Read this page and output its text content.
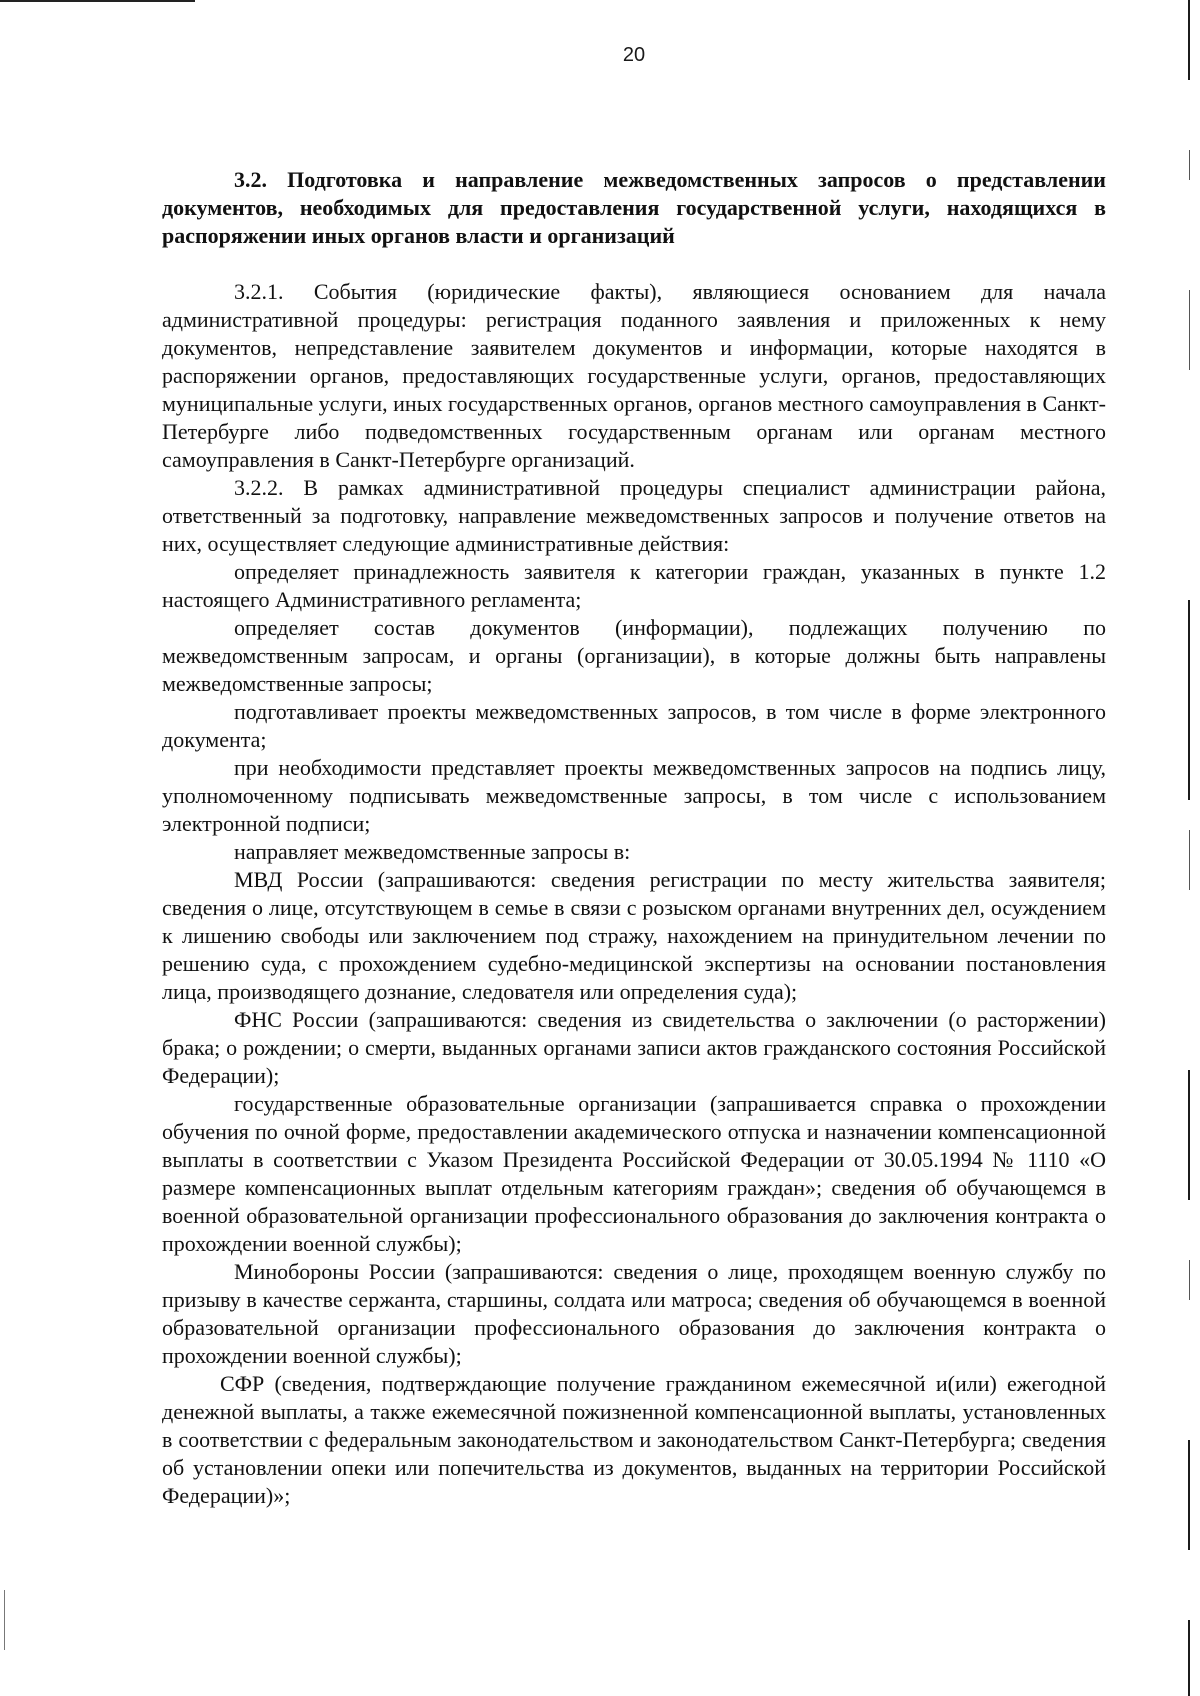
20

3.2. Подготовка и направление межведомственных запросов о представлении документов, необходимых для предоставления государственной услуги, находящихся в распоряжении иных органов власти и организаций

3.2.1. События (юридические факты), являющиеся основанием для начала административной процедуры: регистрация поданного заявления и приложенных к нему документов, непредставление заявителем документов и информации, которые находятся в распоряжении органов, предоставляющих государственные услуги, органов, предоставляющих муниципальные услуги, иных государственных органов, органов местного самоуправления в Санкт-Петербурге либо подведомственных государственным органам или органам местного самоуправления в Санкт-Петербурге организаций.

3.2.2. В рамках административной процедуры специалист администрации района, ответственный за подготовку, направление межведомственных запросов и получение ответов на них, осуществляет следующие административные действия:

определяет принадлежность заявителя к категории граждан, указанных в пункте 1.2 настоящего Административного регламента;

определяет состав документов (информации), подлежащих получению по межведомственным запросам, и органы (организации), в которые должны быть направлены межведомственные запросы;

подготавливает проекты межведомственных запросов, в том числе в форме электронного документа;

при необходимости представляет проекты межведомственных запросов на подпись лицу, уполномоченному подписывать межведомственные запросы, в том числе с использованием электронной подписи;

направляет межведомственные запросы в:

МВД России (запрашиваются: сведения регистрации по месту жительства заявителя; сведения о лице, отсутствующем в семье в связи с розыском органами внутренних дел, осуждением к лишению свободы или заключением под стражу, нахождением на принудительном лечении по решению суда, с прохождением судебно-медицинской экспертизы на основании постановления лица, производящего дознание, следователя или определения суда);

ФНС России (запрашиваются: сведения из свидетельства о заключении (о расторжении) брака; о рождении; о смерти, выданных органами записи актов гражданского состояния Российской Федерации);

государственные образовательные организации (запрашивается справка о прохождении обучения по очной форме, предоставлении академического отпуска и назначении компенсационной выплаты в соответствии с Указом Президента Российской Федерации от 30.05.1994 № 1110 «О размере компенсационных выплат отдельным категориям граждан»; сведения об обучающемся в военной образовательной организации профессионального образования до заключения контракта о прохождении военной службы);

Минобороны России (запрашиваются: сведения о лице, проходящем военную службу по призыву в качестве сержанта, старшины, солдата или матроса; сведения об обучающемся в военной образовательной организации профессионального образования до заключения контракта о прохождении военной службы);

СФР (сведения, подтверждающие получение гражданином ежемесячной и(или) ежегодной денежной выплаты, а также ежемесячной пожизненной компенсационной выплаты, установленных в соответствии с федеральным законодательством и законодательством Санкт-Петербурга; сведения об установлении опеки или попечительства из документов, выданных на территории Российской Федерации)»;
